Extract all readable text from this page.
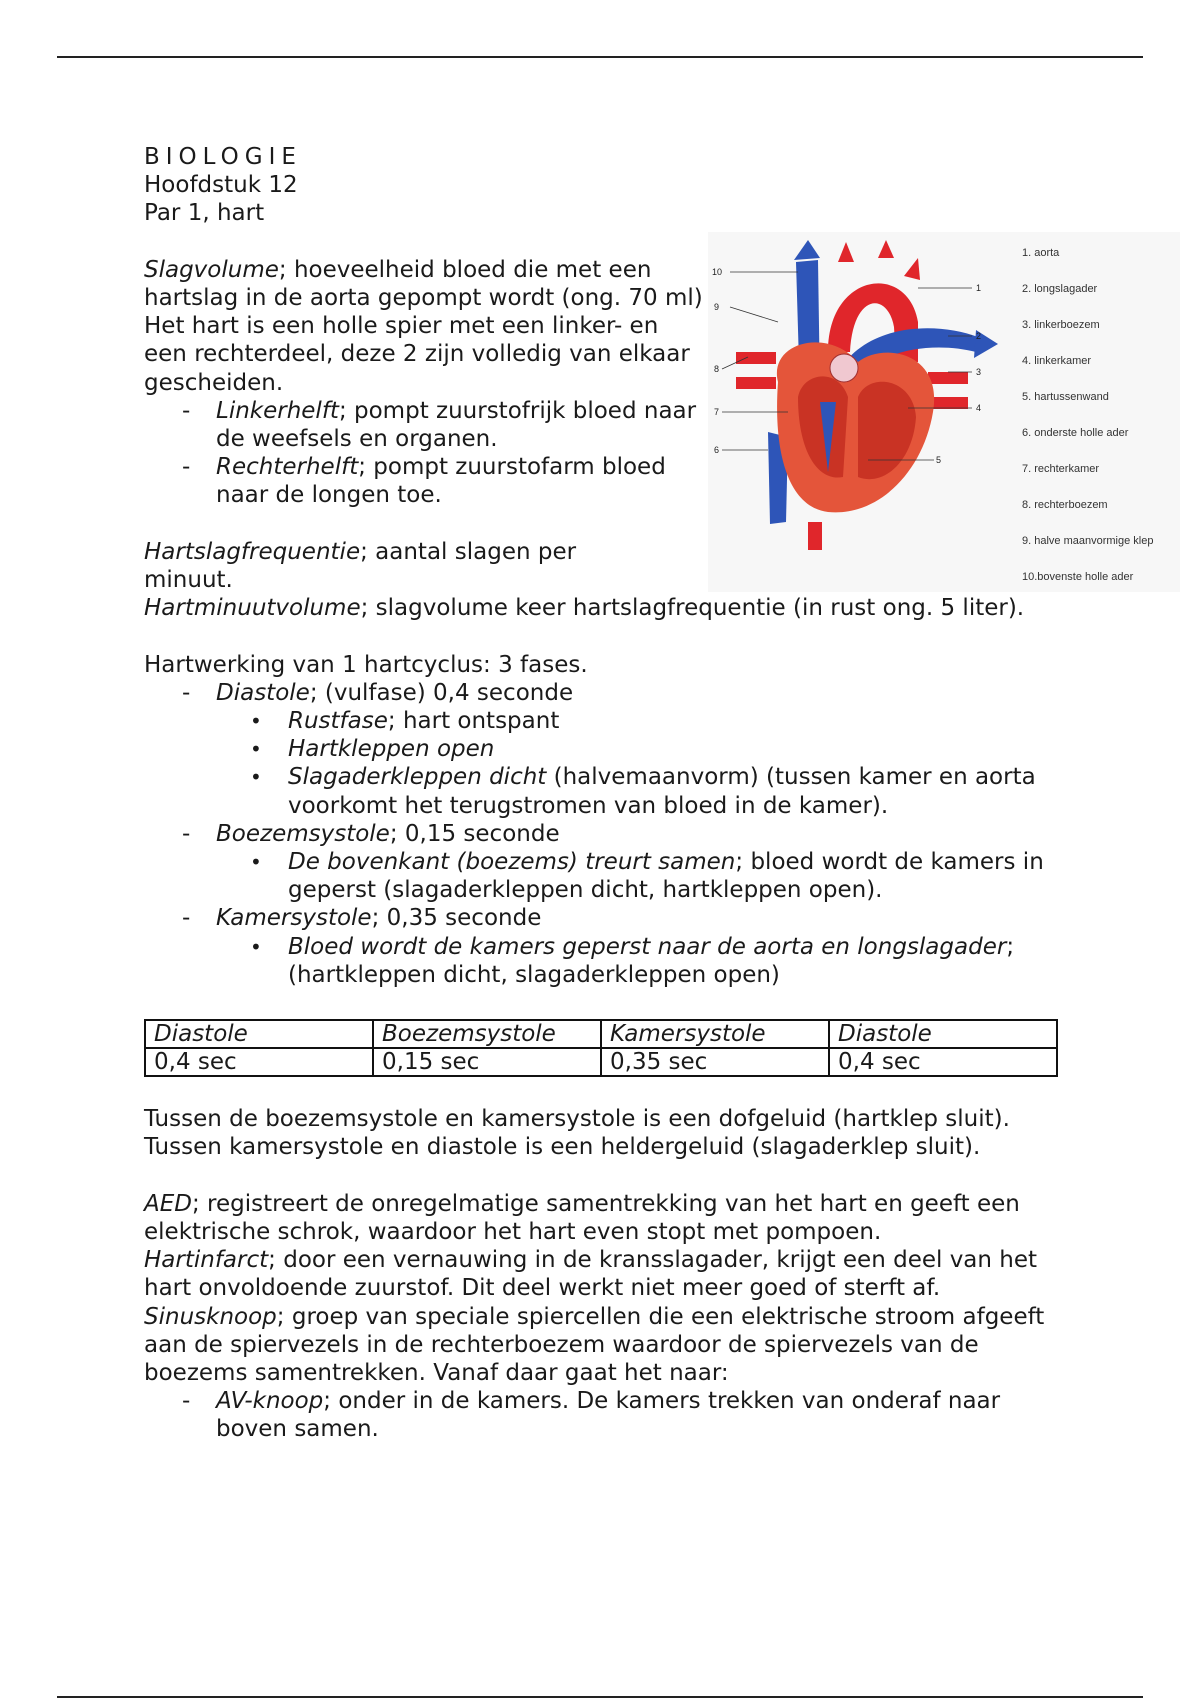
BIOLOGIE

Hoofdstuk 12

Par 1, hart

Slagvolume; hoeveelheid bloed die met een hartslag in de aorta gepompt wordt (ong. 70 ml)

Het hart is een holle spier met een linker- en een rechterdeel, deze 2 zijn volledig van elkaar gescheiden.

- Linkerhelft; pompt zuurstofrijk bloed naar de weefsels en organen.

- Rechterhelft; pompt zuurstofarm bloed naar de longen toe.

Hartslagfrequentie; aantal slagen per minuut.

Hartminuutvolume; slagvolume keer hartslagfrequentie (in rust ong. 5 liter).

Hartwerking van 1 hartcyclus: 3 fases.

- Diastole; (vulfase) 0,4 seconde

• Rustfase; hart ontspant

• Hartkleppen open

• Slagaderkleppen dicht (halvemaanvorm) (tussen kamer en aorta voorkomt het terugstromen van bloed in de kamer).

- Boezemsystole; 0,15 seconde

• De bovenkant (boezems) treurt samen; bloed wordt de kamers in geperst (slagaderkleppen dicht, hartkleppen open).

- Kamersystole; 0,35 seconde

• Bloed wordt de kamers geperst naar de aorta en longslagader; (hartkleppen dicht, slagaderkleppen open)

Diastole	Boezemsystole	Kamersystole	Diastole
0,4 sec	0,15 sec	0,35 sec	0,4 sec

Tussen de boezemsystole en kamersystole is een dofgeluid (hartklep sluit).

Tussen kamersystole en diastole is een heldergeluid (slagaderklep sluit).

AED; registreert de onregelmatige samentrekking van het hart en geeft een elektrische schrok, waardoor het hart even stopt met pompoen.

Hartinfarct; door een vernauwing in de kransslagader, krijgt een deel van het hart onvoldoende zuurstof. Dit deel werkt niet meer goed of sterft af.

Sinusknoop; groep van speciale spiercellen die een elektrische stroom afgeeft aan de spiervezels in de rechterboezem waardoor de spiervezels van de boezems samentrekken. Vanaf daar gaat het naar:

- AV-knoop; onder in de kamers. De kamers trekken van onderaf naar boven samen.

10
9
8
7
6
1
2
3
4
5
1. aorta
2. longslagader
3. linkerboezem
4. linkerkamer
5. hartussenwand
6. onderste holle ader
7. rechterkamer
8. rechterboezem
9. halve maanvormige klep
10.bovenste holle ader
